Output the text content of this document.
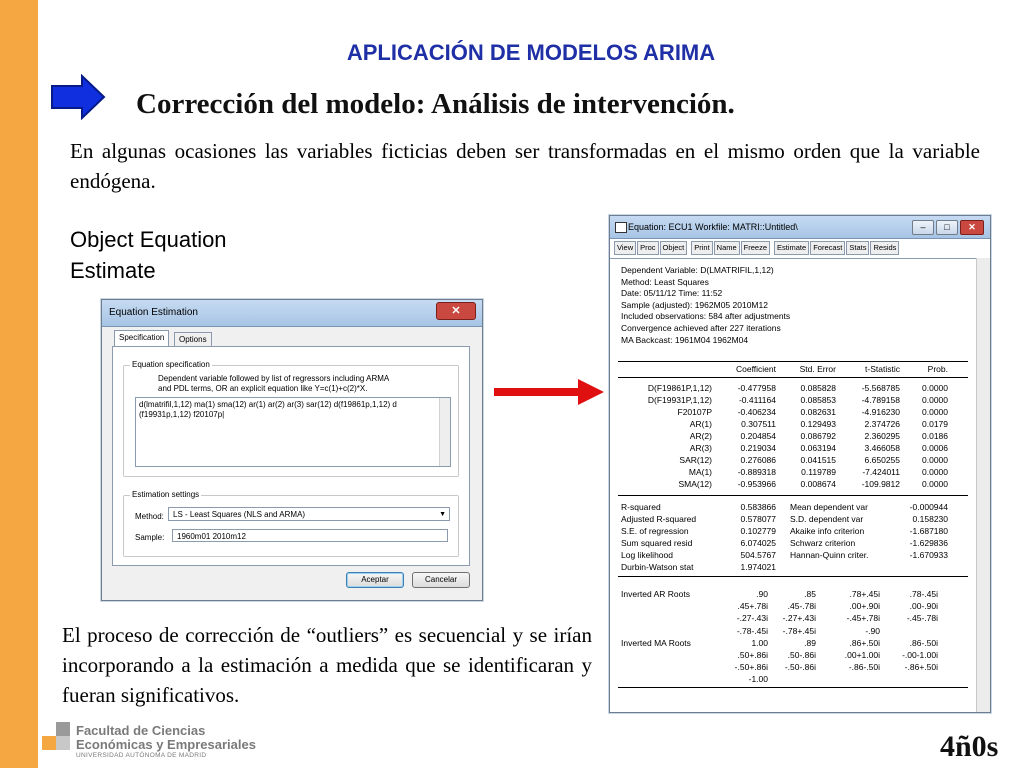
APLICACIÓN DE MODELOS ARIMA
Corrección del modelo: Análisis de intervención.
En algunas ocasiones las variables ficticias deben ser transformadas en el mismo orden que la variable endógena.
Object Equation
Estimate
Equation Estimation	✕
Specification	Options
Equation specification
Dependent variable followed by list of regressors including ARMA
and PDL terms, OR an explicit equation like Y=c(1)+c(2)*X.
d(lmatrifil,1,12) ma(1) sma(12) ar(1) ar(2) ar(3) sar(12) d(f19861p,1,12) d
(f19931p,1,12) f20107p|
Estimation settings
Method:
Sample:
LS - Least Squares (NLS and ARMA)	▼
1960m01 2010m12
Aceptar	Cancelar
El proceso de corrección de “outliers” es secuencial y se irían incorporando a la estimación a medida que se identificaran y fueran significativos.
Equation: ECU1 Workfile: MATRI::Untitled\	–	□	✕
View Proc Object	Print Name Freeze	Estimate Forecast Stats Resids
Dependent Variable: D(LMATRIFIL,1,12)
Method: Least Squares
Date: 05/11/12 Time: 11:52
Sample (adjusted): 1962M05 2010M12
Included observations: 584 after adjustments
Convergence achieved after 227 iterations
MA Backcast: 1961M04 1962M04
Coefficient	Std. Error	t-Statistic	Prob.
D(F19861P,1,12)	-0.477958	0.085828	-5.568785	0.0000
D(F19931P,1,12)	-0.411164	0.085853	-4.789158	0.0000
F20107P	-0.406234	0.082631	-4.916230	0.0000
AR(1)	0.307511	0.129493	2.374726	0.0179
AR(2)	0.204854	0.086792	2.360295	0.0186
AR(3)	0.219034	0.063194	3.466058	0.0006
SAR(12)	0.276086	0.041515	6.650255	0.0000
MA(1)	-0.889318	0.119789	-7.424011	0.0000
SMA(12)	-0.953966	0.008674	-109.9812	0.0000
R-squared	0.583866 Mean dependent var	-0.000944
Adjusted R-squared	0.578077 S.D. dependent var	0.158230
S.E. of regression	0.102779 Akaike info criterion	-1.687180
Sum squared resid	6.074025 Schwarz criterion	-1.629836
Log likelihood	504.5767 Hannan-Quinn criter.	-1.670933
Durbin-Watson stat	1.974021
Inverted AR Roots	.90	.85	.78+.45i	.78-.45i
.45+.78i	.45-.78i	.00+.90i	.00-.90i
-.27-.43i	-.27+.43i	-.45+.78i	-.45-.78i
-.78-.45i	-.78+.45i	-.90
Inverted MA Roots	1.00	.89	.86+.50i	.86-.50i
.50+.86i	.50-.86i	.00+1.00i	-.00-1.00i
-.50+.86i	-.50-.86i	-.86-.50i	-.86+.50i
-1.00
Facultad de Ciencias
Económicas y Empresariales
UNIVERSIDAD AUTÓNOMA DE MADRID	4ñ0s
